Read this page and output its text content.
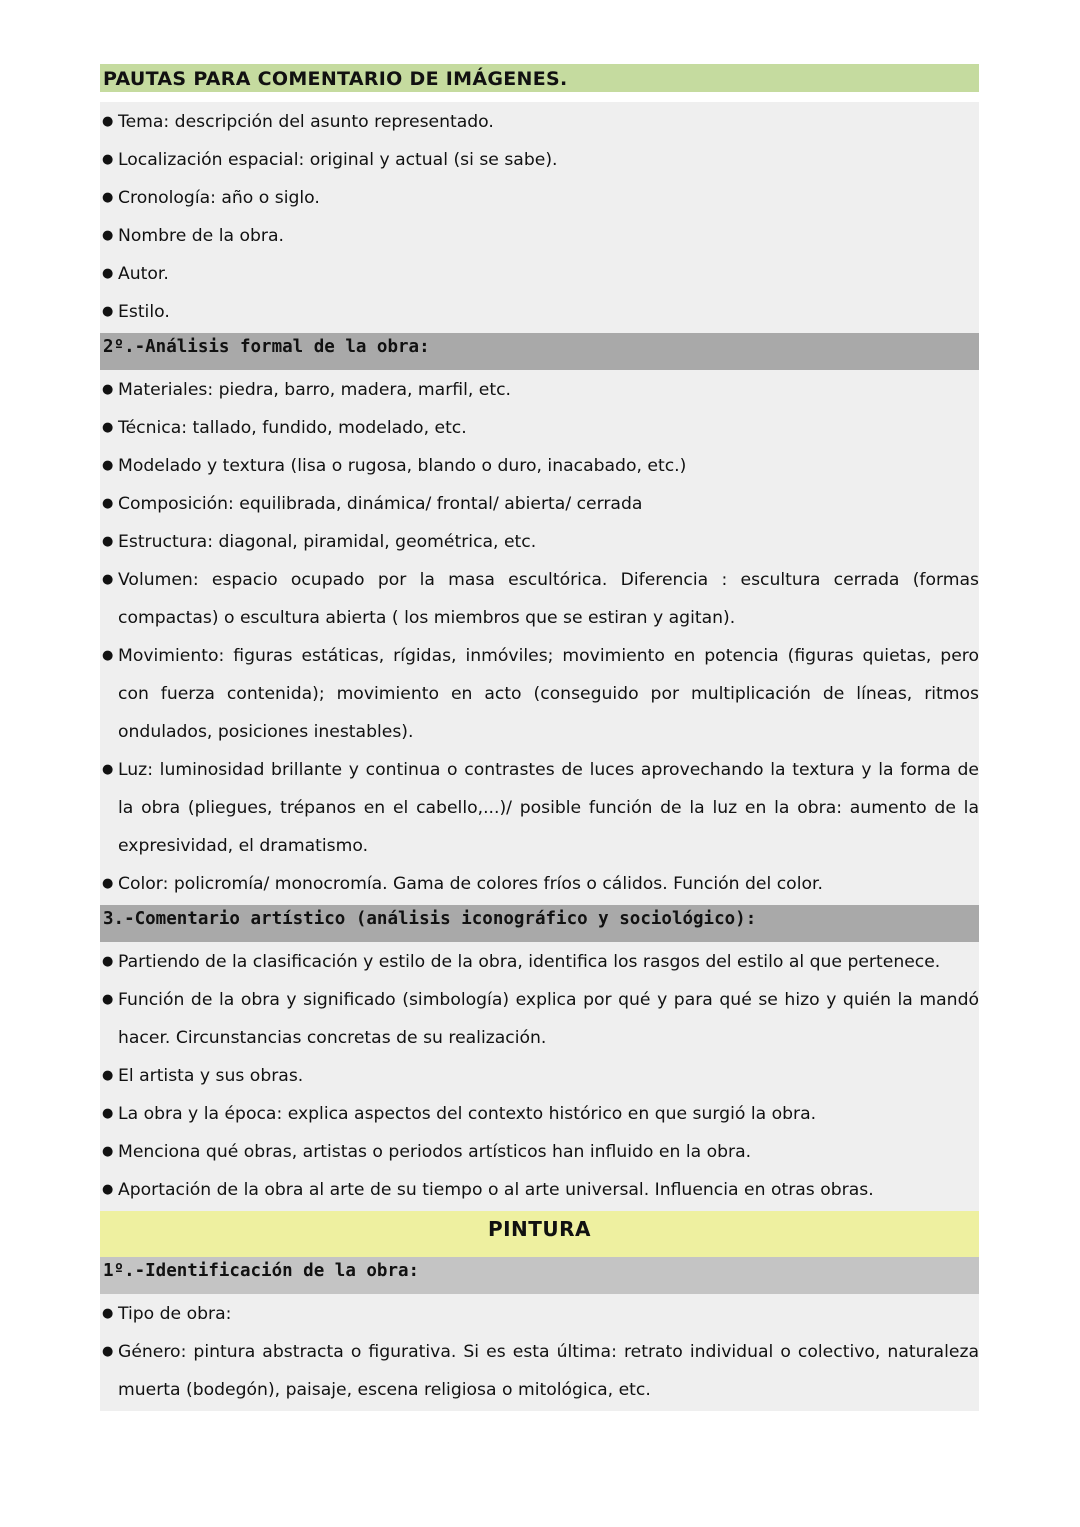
PAUTAS PARA COMENTARIO DE IMÁGENES.
● Tema: descripción del asunto representado.
● Localización espacial: original y actual (si se sabe).
● Cronología: año o siglo.
● Nombre de la obra.
● Autor.
● Estilo.
2º.-Análisis formal de la obra:
● Materiales: piedra, barro, madera, marfil, etc.
● Técnica: tallado, fundido, modelado, etc.
● Modelado y textura (lisa o rugosa, blando o duro, inacabado, etc.)
● Composición: equilibrada, dinámica/ frontal/ abierta/ cerrada
● Estructura: diagonal, piramidal, geométrica, etc.
● Volumen: espacio ocupado por la masa escultórica. Diferencia : escultura cerrada (formas compactas) o escultura abierta ( los miembros que se estiran y agitan).
● Movimiento: figuras estáticas, rígidas, inmóviles; movimiento en potencia (figuras quietas, pero con fuerza contenida); movimiento en acto (conseguido por multiplicación de líneas, ritmos ondulados, posiciones inestables).
● Luz: luminosidad brillante y continua o contrastes de luces aprovechando la textura y la forma de la obra (pliegues, trépanos en el cabello,...)/ posible función de la luz en la obra: aumento de la expresividad, el dramatismo.
● Color: policromía/ monocromía. Gama de colores fríos o cálidos. Función del color.
3.-Comentario artístico (análisis iconográfico y sociológico):
● Partiendo de la clasificación y estilo de la obra, identifica los rasgos del estilo al que pertenece.
● Función de la obra y significado (simbología) explica por qué y para qué se hizo y quién la mandó hacer. Circunstancias concretas de su realización.
● El artista y sus obras.
● La obra y la época: explica aspectos del contexto histórico en que surgió la obra.
● Menciona qué obras, artistas o periodos artísticos han influido en la obra.
● Aportación de la obra al arte de su tiempo o al arte universal. Influencia en otras obras.
PINTURA
1º.-Identificación de la obra:
● Tipo de obra:
● Género: pintura abstracta o figurativa. Si es esta última: retrato individual o colectivo, naturaleza muerta (bodegón), paisaje, escena religiosa o mitológica, etc.
